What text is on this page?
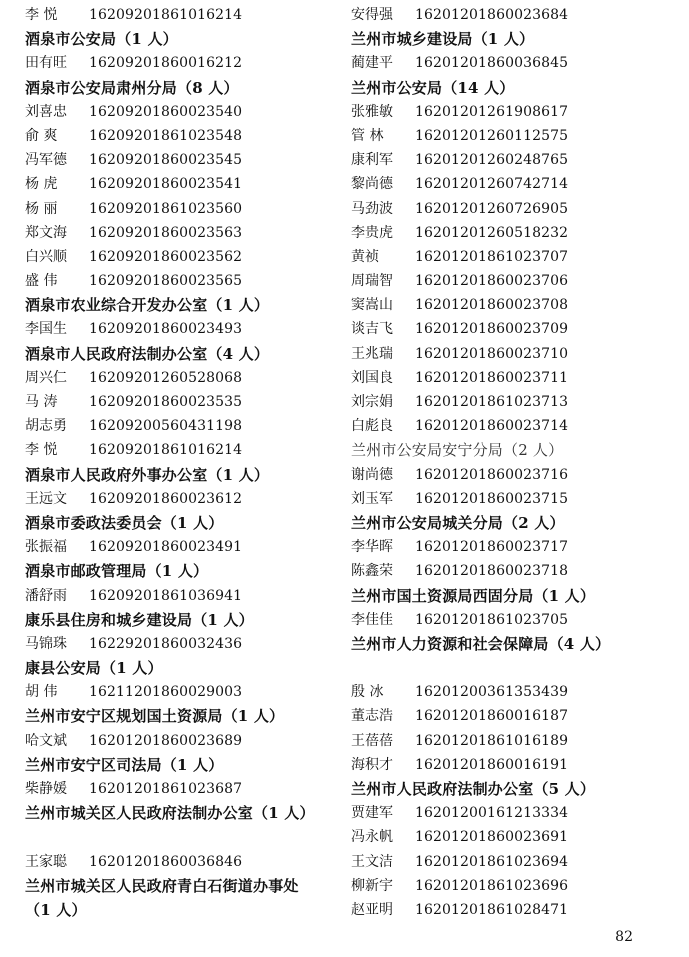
李 悦 16209201861016214
酒泉市公安局（1 人）
田有旺 16209201860016212
酒泉市公安局肃州分局（8 人）
刘喜忠 16209201860023540
俞 爽 16209201861023548
冯军德 16209201860023545
杨 虎 16209201860023541
杨 丽 16209201861023560
郑文海 16209201860023563
白兴顺 16209201860023562
盛 伟 16209201860023565
酒泉市农业综合开发办公室（1 人）
李国生 16209201860023493
酒泉市人民政府法制办公室（4 人）
周兴仁 16209201260528068
马 涛 16209201860023535
胡志勇 16209200560431198
李 悦 16209201861016214
酒泉市人民政府外事办公室（1 人）
王远文 16209201860023612
酒泉市委政法委员会（1 人）
张振福 16209201860023491
酒泉市邮政管理局（1 人）
潘舒雨 16209201861036941
康乐县住房和城乡建设局（1 人）
马锦珠 16229201860032436
康县公安局（1 人）
胡 伟 16211201860029003
兰州市安宁区规划国土资源局（1 人）
哈文斌 16201201860023689
兰州市安宁区司法局（1 人）
柴静媛 16201201861023687
兰州市城关区人民政府法制办公室（1 人）
王家聪 16201201860036846
兰州市城关区人民政府青白石街道办事处
（1 人）
安得强 16201201860023684
兰州市城乡建设局（1 人）
蔺建平 16201201860036845
兰州市公安局（14 人）
张雅敏 16201201261908617
管 林 16201201260112575
康利军 16201201260248765
黎尚德 16201201260742714
马劲波 16201201260726905
李贵虎 16201201260518232
黄祯	16201201861023707
周瑞智 16201201860023706
窦嵩山 16201201860023708
谈吉飞 16201201860023709
王兆瑞 16201201860023710
刘国良 16201201860023711
刘宗娟 16201201861023713
白彪良 16201201860023714
兰州市公安局安宁分局（2 人）
谢尚德 16201201860023716
刘玉军 16201201860023715
兰州市公安局城关分局（2 人）
李华晖 16201201860023717
陈鑫荣 16201201860023718
兰州市国土资源局西固分局（1 人）
李佳佳 16201201861023705
兰州市人力资源和社会保障局（4 人）
殷 冰 16201200361353439
董志浩 16201201860016187
王蓓蓓 16201201861016189
海积才 16201201860016191
兰州市人民政府法制办公室（5 人）
贾建军 16201200161213334
冯永帆 16201201860023691
王文洁 16201201861023694
柳新宇 16201201861023696
赵亚明 16201201861028471
82
